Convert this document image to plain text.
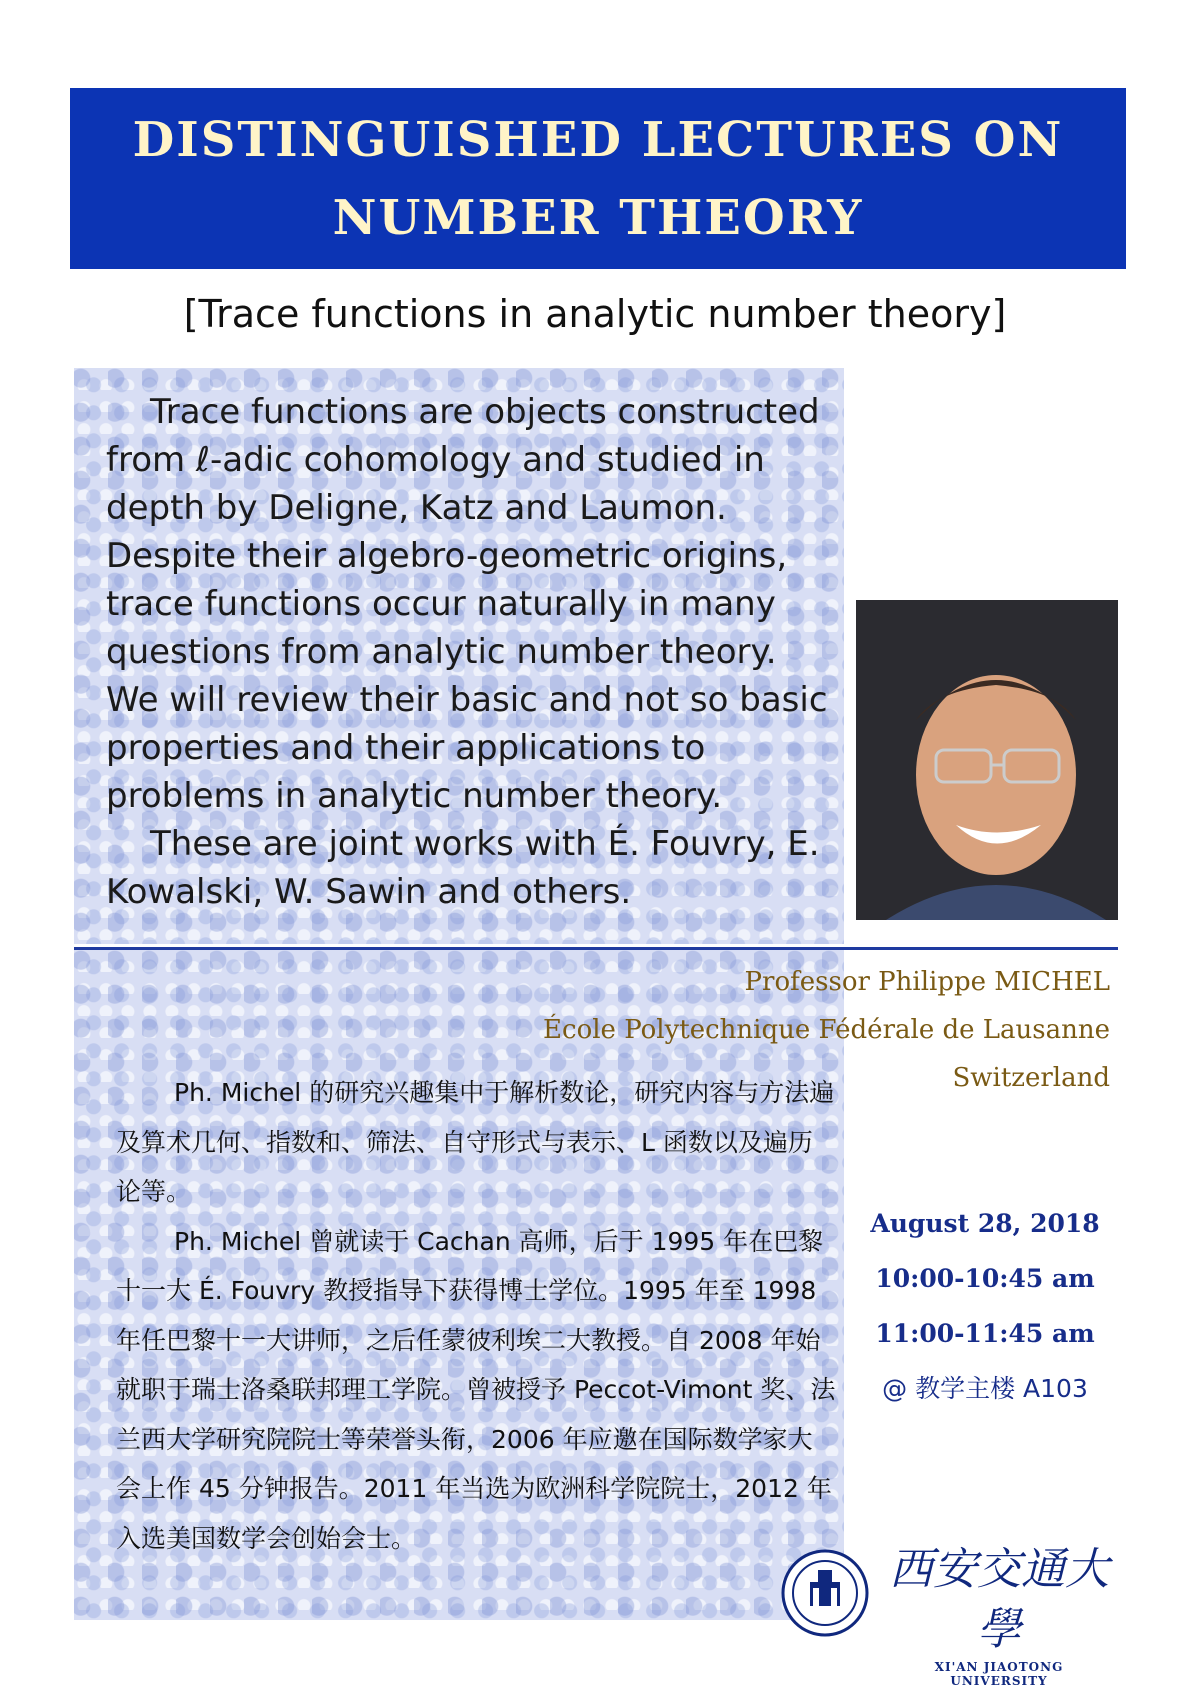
DISTINGUISHED LECTURES ON
NUMBER THEORY
[Trace functions in analytic number theory]

Trace functions are objects constructed from ℓ-adic cohomology and studied in depth by Deligne, Katz and Laumon. Despite their algebro-geometric origins, trace functions occur naturally in many questions from analytic number theory. We will review their basic and not so basic properties and their applications to problems in analytic number theory.

These are joint works with É. Fouvry, E. Kowalski, W. Sawin and others.

Professor Philippe MICHEL
École Polytechnique Fédérale de Lausanne
Switzerland

Ph. Michel 的研究兴趣集中于解析数论，研究内容与方法遍及算术几何、指数和、筛法、自守形式与表示、L 函数以及遍历论等。

Ph. Michel 曾就读于 Cachan 高师，后于 1995 年在巴黎十一大 É. Fouvry 教授指导下获得博士学位。1995 年至 1998 年任巴黎十一大讲师，之后任蒙彼利埃二大教授。自 2008 年始就职于瑞士洛桑联邦理工学院。曾被授予 Peccot-Vimont 奖、法兰西大学研究院院士等荣誉头衔，2006 年应邀在国际数学家大会上作 45 分钟报告。2011 年当选为欧洲科学院院士，2012 年入选美国数学会创始会士。

August 28, 2018
10:00-10:45 am
11:00-11:45 am
@ 教学主楼 A103
西安交通大學
XI'AN JIAOTONG UNIVERSITY
